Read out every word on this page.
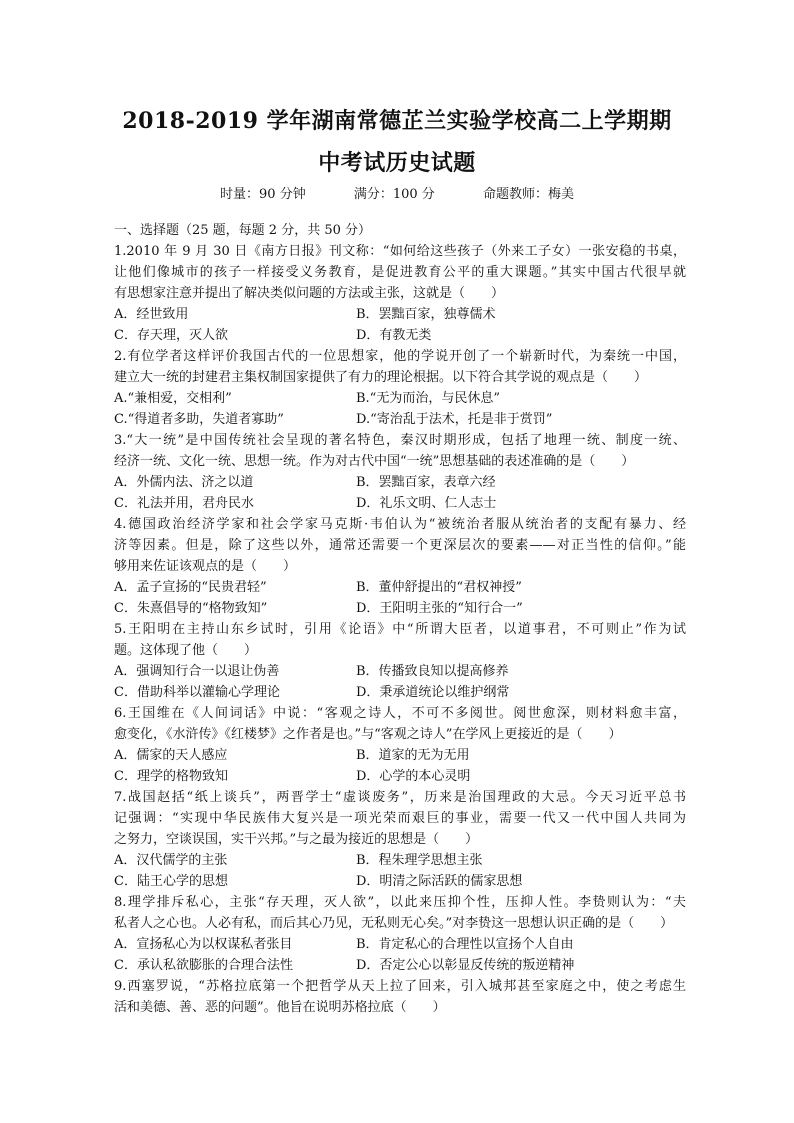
2018-2019 学年湖南常德芷兰实验学校高二上学期期
中考试历史试题
时量：90 分钟	满分：100 分	命题教师：梅美
一、选择题（25 题，每题 2 分，共 50 分）
1.2010 年 9 月 30 日《南方日报》刊文称：“如何给这些孩子（外来工子女）一张安稳的书桌，
让他们像城市的孩子一样接受义务教育，是促进教育公平的重大课题。”其实中国古代很早就
有思想家注意并提出了解决类似问题的方法或主张，这就是（　　）
A．经世致用	B．罢黜百家，独尊儒术
C．存天理，灭人欲	D．有教无类
2.有位学者这样评价我国古代的一位思想家，他的学说开创了一个崭新时代，为秦统一中国，
建立大一统的封建君主集权制国家提供了有力的理论根据。以下符合其学说的观点是（　　）
A.“兼相爱，交相利”	B.“无为而治，与民休息”
C.“得道者多助，失道者寡助”	D.“寄治乱于法术，托是非于赏罚”
3.“大一统”是中国传统社会呈现的著名特色，秦汉时期形成，包括了地理一统、制度一统、
经济一统、文化一统、思想一统。作为对古代中国“一统”思想基础的表述准确的是（　　）
A．外儒内法、济之以道	B．罢黜百家，表章六经
C．礼法并用，君舟民水	D．礼乐文明、仁人志士
4.德国政治经济学家和社会学家马克斯·韦伯认为“被统治者服从统治者的支配有暴力、经
济等因素。但是，除了这些以外，通常还需要一个更深层次的要素——对正当性的信仰。”能
够用来佐证该观点的是（　　）
A．孟子宣扬的“民贵君轻”	B．董仲舒提出的“君权神授”
C．朱熹倡导的“格物致知”	D．王阳明主张的“知行合一”
5.王阳明在主持山东乡试时，引用《论语》中“所谓大臣者，以道事君，不可则止”作为试
题。这体现了他（　　）
A．强调知行合一以退让伪善	B．传播致良知以提高修养
C．借助科举以灌输心学理论	D．秉承道统论以维护纲常
6.王国维在《人间词话》中说：“客观之诗人，不可不多阅世。阅世愈深，则材料愈丰富，
愈变化，《水浒传》《红楼梦》之作者是也。”与“客观之诗人”在学风上更接近的是（　　）
A．儒家的天人感应	B．道家的无为无用
C．理学的格物致知	D．心学的本心灵明
7.战国赵括“纸上谈兵”，两晋学士“虚谈废务”，历来是治国理政的大忌。今天习近平总书
记强调：“实现中华民族伟大复兴是一项光荣而艰巨的事业，需要一代又一代中国人共同为
之努力，空谈误国，实干兴邦。”与之最为接近的思想是（　　）
A．汉代儒学的主张	B．程朱理学思想主张
C．陆王心学的思想	D．明清之际活跃的儒家思想
8.理学排斥私心，主张“存天理，灭人欲”，以此来压抑个性，压抑人性。李贽则认为：“夫
私者人之心也。人必有私，而后其心乃见，无私则无心矣。”对李贽这一思想认识正确的是（　　）
A．宣扬私心为以权谋私者张目	B．肯定私心的合理性以宣扬个人自由
C．承认私欲膨胀的合理合法性	D．否定公心以彰显反传统的叛逆精神
9.西塞罗说，“苏格拉底第一个把哲学从天上拉了回来，引入城邦甚至家庭之中，使之考虑生
活和美德、善、恶的问题”。他旨在说明苏格拉底（　　）
